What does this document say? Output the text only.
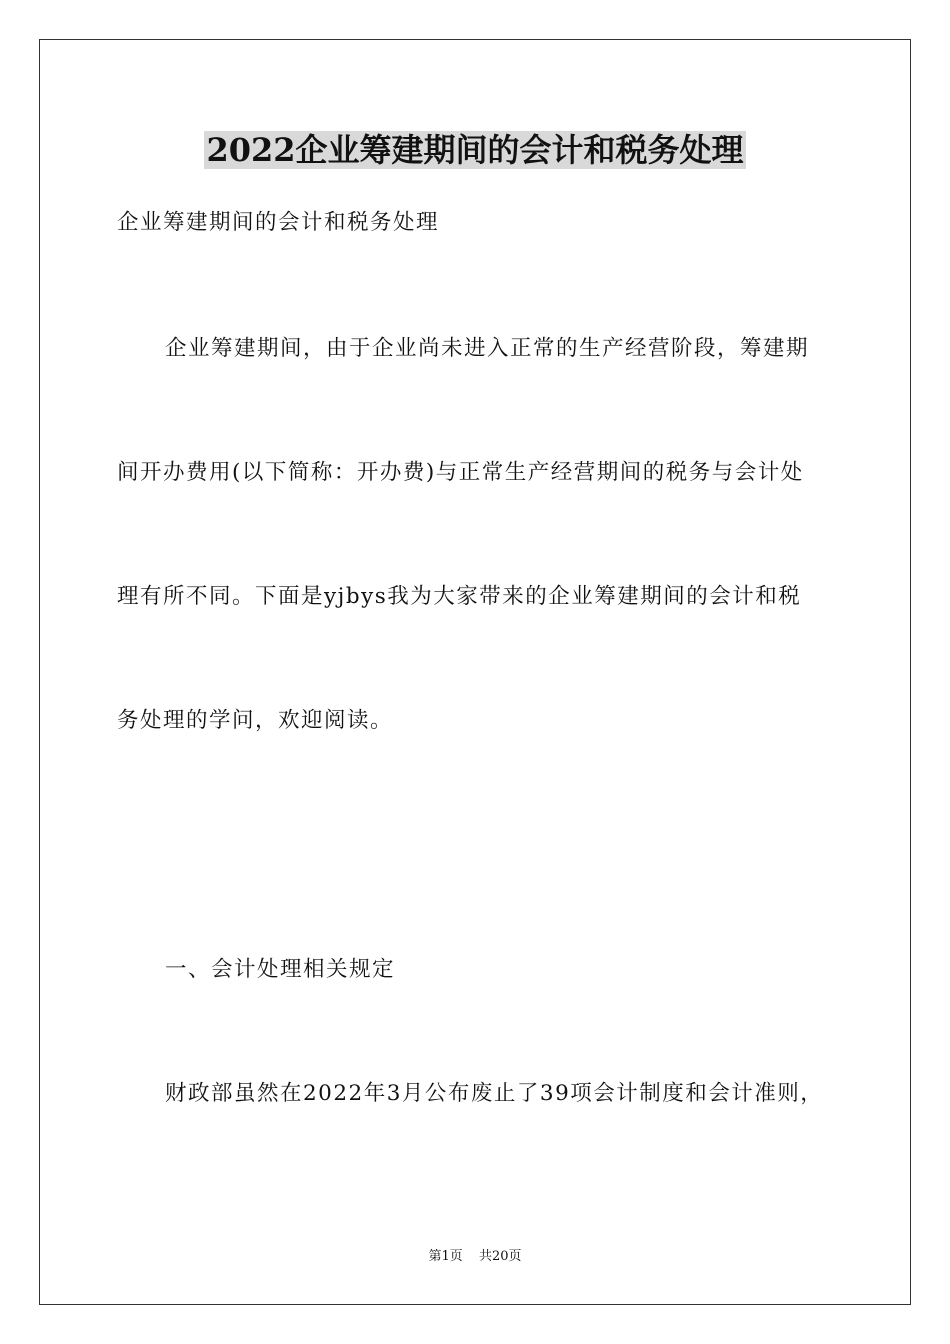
2022企业筹建期间的会计和税务处理
企业筹建期间的会计和税务处理
企业筹建期间，由于企业尚未进入正常的生产经营阶段，筹建期
间开办费用(以下简称：开办费)与正常生产经营期间的税务与会计处
理有所不同。下面是yjbys我为大家带来的企业筹建期间的会计和税
务处理的学问，欢迎阅读。
一、会计处理相关规定
财政部虽然在2022年3月公布废止了39项会计制度和会计准则，
第1页 共20页
